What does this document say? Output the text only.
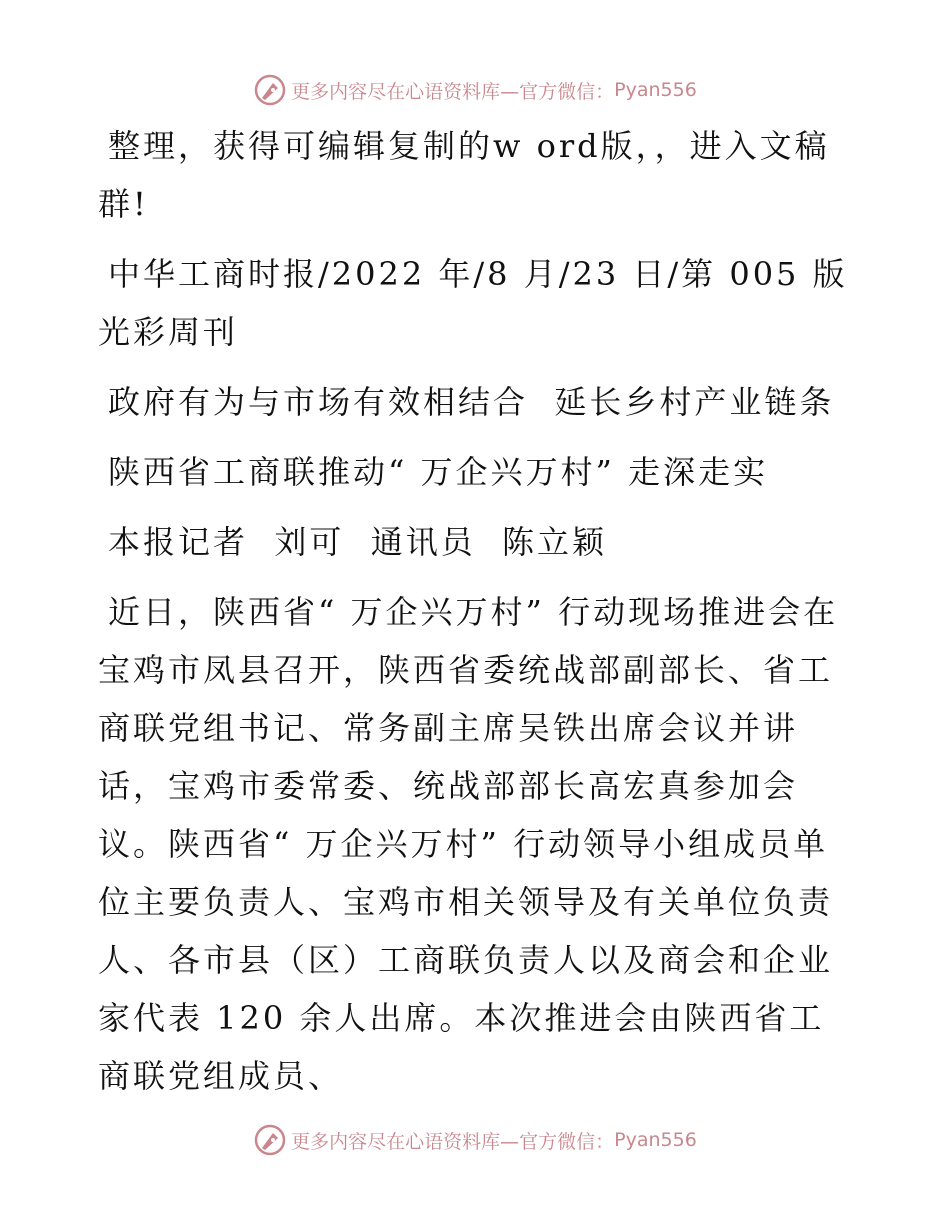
更多内容尽在心语资料库—官方微信： Pyan556

整理，获得可编辑复制的w ord版，，进入文稿群!

中华工商时报/2022 年/8 月/23 日/第 005 版光彩周刊

政府有为与市场有效相结合  延长乡村产业链条

陕西省工商联推动“ 万企兴万村” 走深走实

本报记者  刘可  通讯员  陈立颖

近日，陕西省“ 万企兴万村” 行动现场推进会在宝鸡市凤县召开，陕西省委统战部副部长、省工商联党组书记、常务副主席吴铁出席会议并讲话，宝鸡市委常委、统战部部长高宏真参加会议。陕西省“ 万企兴万村” 行动领导小组成员单位主要负责人、宝鸡市相关领导及有关单位负责人、各市县（区）工商联负责人以及商会和企业家代表 120 余人出席。本次推进会由陕西省工商联党组成员、

更多内容尽在心语资料库—官方微信： Pyan556
